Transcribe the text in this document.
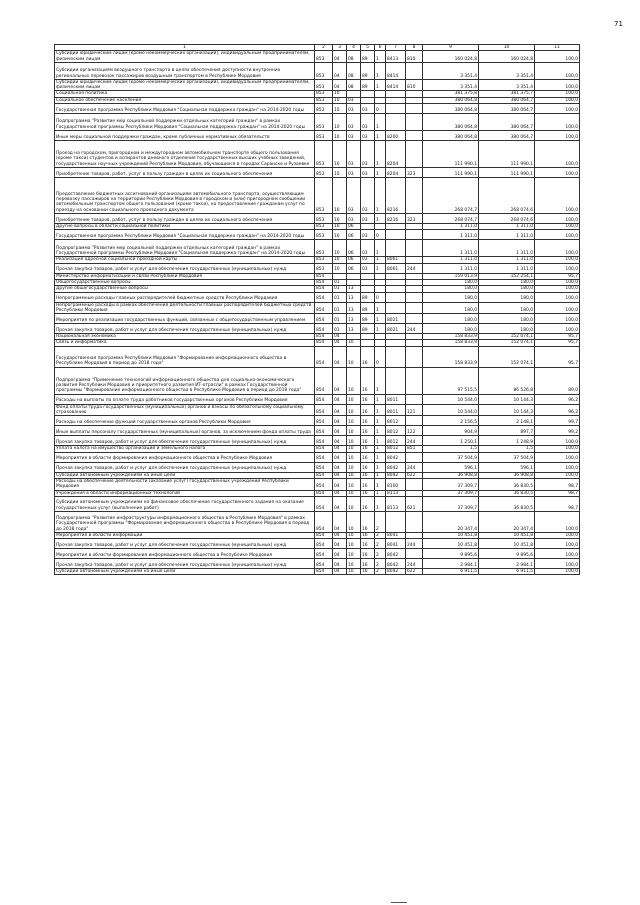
71
1	2	3	4	5	6	7	8	9	10	11
Субсидии юридическим лицам (кроме некоммерческих организаций), индивидуальным предпринимателям, физическим лицам	853	04	08	89	1	8413	810	160 024,8	160 024,8	100,0
Субсидии организациям воздушного транспорта в целях обеспечения доступности внутренних региональных перевозок пассажиров воздушным транспортом в Республике Мордовия	853	04	08	89	1	8414		3 351,4	3 351,4	100,0
Субсидии юридическим лицам (кроме некоммерческих организаций), индивидуальным предпринимателям, физическим лицам	853	04	08	89	1	8414	810	3 351,4	3 351,4	100,0
Социальная политика	853	10						381 375,8	381 375,7	100,0
Социальное обеспечение населения	853	10	03					380 064,8	380 064,7	100,0
Государственная программа Республики Мордовия "Социальная поддержка граждан" на 2014-2020 годы	853	10	03	03	0			380 064,8	380 064,7	100,0
Подпрограмма "Развитие мер социальной поддержки отдельных категорий граждан" в рамках Государственной программы Республики Мордовия "Социальная поддержка граждан" на 2014-2020 годы	853	10	03	03	1			380 064,8	380 064,7	100,0
Иные меры социальной поддержки граждан, кроме публичных нормативных обязательств	853	10	03	03	1	8200		380 064,8	380 064,7	100,0
Проезд на городском, пригородном и междугородном автомобильном транспорте общего пользования (кроме такси) студентов и аспирантов дневного отделения государственных высших учебных заведений, государственных научных учреждений Республики Мордовия, обучающихся в городах Саранске и Рузаевке	853	10	03	03	1	8204		111 990,1	111 990,1	100,0
Приобретение товаров, работ, услуг в пользу граждан в целях их социального обеспечения	853	10	03	03	1	8204	323	111 990,1	111 990,1	100,0
Предоставление бюджетных ассигнований организациям автомобильного транспорта, осуществляющим перевозку пассажиров на территории Республики Мордовия в городском и (или) пригородном сообщении автомобильным транспортом общего пользования (кроме такси), на предоставление гражданам услуг по проезду на основании социального проездного документа	853	10	03	03	1	8216		268 074,7	268 074,6	100,0
Приобретение товаров, работ, услуг в пользу граждан в целях их социального обеспечения	853	10	03	03	1	8216	323	268 074,7	268 074,6	100,0
Другие вопросы в области социальной политики	853	10	06					1 311,0	1 311,0	100,0
Государственная программа Республики Мордовия "Социальная поддержка граждан" на 2014-2020 годы	853	10	06	03	0			1 311,0	1 311,0	100,0
Подпрограмма "Развитие мер социальной поддержки отдельных категорий граждан" в рамках Государственной программы Республики Мордовия "Социальная поддержка граждан" на 2014-2020 годы	853	10	06	03	1			1 311,0	1 311,0	100,0
Реализация адресной социальной проездной карты	853	10	06	03	1	8061		1 311,0	1 311,0	100,0
Прочая закупка товаров, работ и услуг для обеспечения государственных (муниципальных) нужд	853	10	06	03	1	8061	244	1 311,0	1 311,0	100,0
Министерство информатизации и связи Республики Мордовия	854							159 013,9	152 254,1	95,7
Общегосударственные вопросы	854	01						180,0	180,0	100,0
Другие общегосударственные вопросы	854	01	13					180,0	180,0	100,0
Непрограммные расходы главных распорядителей бюджетных средств Республики Мордовия	854	01	13	89	0			180,0	180,0	100,0
Непрограммные расходы в рамках обеспечения деятельности главных распорядителей бюджетных средств Республики Мордовия	854	01	13	89	1			180,0	180,0	100,0
Мероприятия по реализации государственных функций, связанных с общегосударственным управлением	854	01	13	89	1	8021		180,0	180,0	100,0
Прочая закупка товаров, работ и услуг для обеспечения государственных (муниципальных) нужд	854	01	13	89	1	8021	244	180,0	180,0	100,0
Национальная экономика	854	04						158 833,9	152 074,1	95,7
Связь и информатика	854	04	10					158 833,9	152 074,1	95,7
Государственная программа Республики Мордовия "Формирование информационного общества в Республике Мордовия в период до 2018 года"	854	04	10	16	0			158 833,9	152 074,1	95,7
Подпрограмма "Применение технологий информационного общества для социально-экономического развития Республики Мордовия и приоритетного развития ИТ-отрасли" в рамках Государственной программы "Формирование информационного общества в Республике Мордовия в период до 2018 года"	854	04	10	16	1			97 515,5	86 526,8	89,0
Расходы на выплаты по оплате труда работников государственных органов Республики Мордовия	854	04	10	16	1	8011		10 544,0	10 144,3	96,2
Фонд оплаты труда государственных (муниципальных) органов и взносы по обязательному социальному страхованию	854	04	10	16	1	8011	121	10 544,0	10 144,3	96,2
Расходы на обеспечение функций государственных органов Республики Мордовия	854	04	10	16	1	8012		2 156,5	2 148,1	99,7
Иные выплаты персоналу государственных (муниципальных) органов, за исключением фонда оплаты труда	854	04	10	16	1	8012	122	904,9	897,7	99,2
Прочая закупка товаров, работ и услуг для обеспечения государственных (муниципальных) нужд	854	04	10	16	1	8012	244	1 250,1	1 248,9	100,0
Уплата налога на имущество организаций и земельного налога	854	04	10	16	1	8012	851	1,5	1,5	100,0
Мероприятия в области формирования информационного общества в Республике Мордовия	854	04	10	16	1	8042		37 504,9	37 504,9	100,0
Прочая закупка товаров, работ и услуг для обеспечения государственных (муниципальных) нужд	854	04	10	16	1	8042	244	596,1	596,1	100,0
Субсидии автономным учреждениям на иные цели	854	04	10	16	1	8042	622	36 908,8	36 908,8	100,0
Расходы на обеспечение деятельности (оказание услуг) государственных учреждений Республики Мордовия	854	04	10	16	1	8100		37 309,7	36 830,5	98,7
Учреждения в области информационных технологий	854	04	10	16	1	8113		37 309,7	36 830,5	98,7
Субсидии автономным учреждениям на финансовое обеспечение государственного задания на оказание государственных услуг (выполнение работ)	854	04	10	16	1	8113	621	37 309,7	36 830,5	98,7
Подпрограмма "Развитие инфраструктуры информационного общества в Республике Мордовия" в рамках Государственной программы "Формирование информационного общества в Республике Мордовия в период до 2018 года"	854	04	10	16	2			20 347,4	20 347,4	100,0
Мероприятия в области информации	854	04	10	16	2	8041		10 451,8	10 451,8	100,0
Прочая закупка товаров, работ и услуг для обеспечения государственных (муниципальных) нужд	854	04	10	16	2	8041	244	10 451,8	10 451,8	100,0
Мероприятия в области формирования информационного общества в Республике Мордовия	854	04	10	16	2	8042		9 895,6	9 895,6	100,0
Прочая закупка товаров, работ и услуг для обеспечения государственных (муниципальных) нужд	854	04	10	16	2	8042	244	2 984,1	2 984,1	100,0
Субсидии автономным учреждениям на иные цели	854	04	10	16	2	8042	622	6 911,5	6 911,5	100,0
